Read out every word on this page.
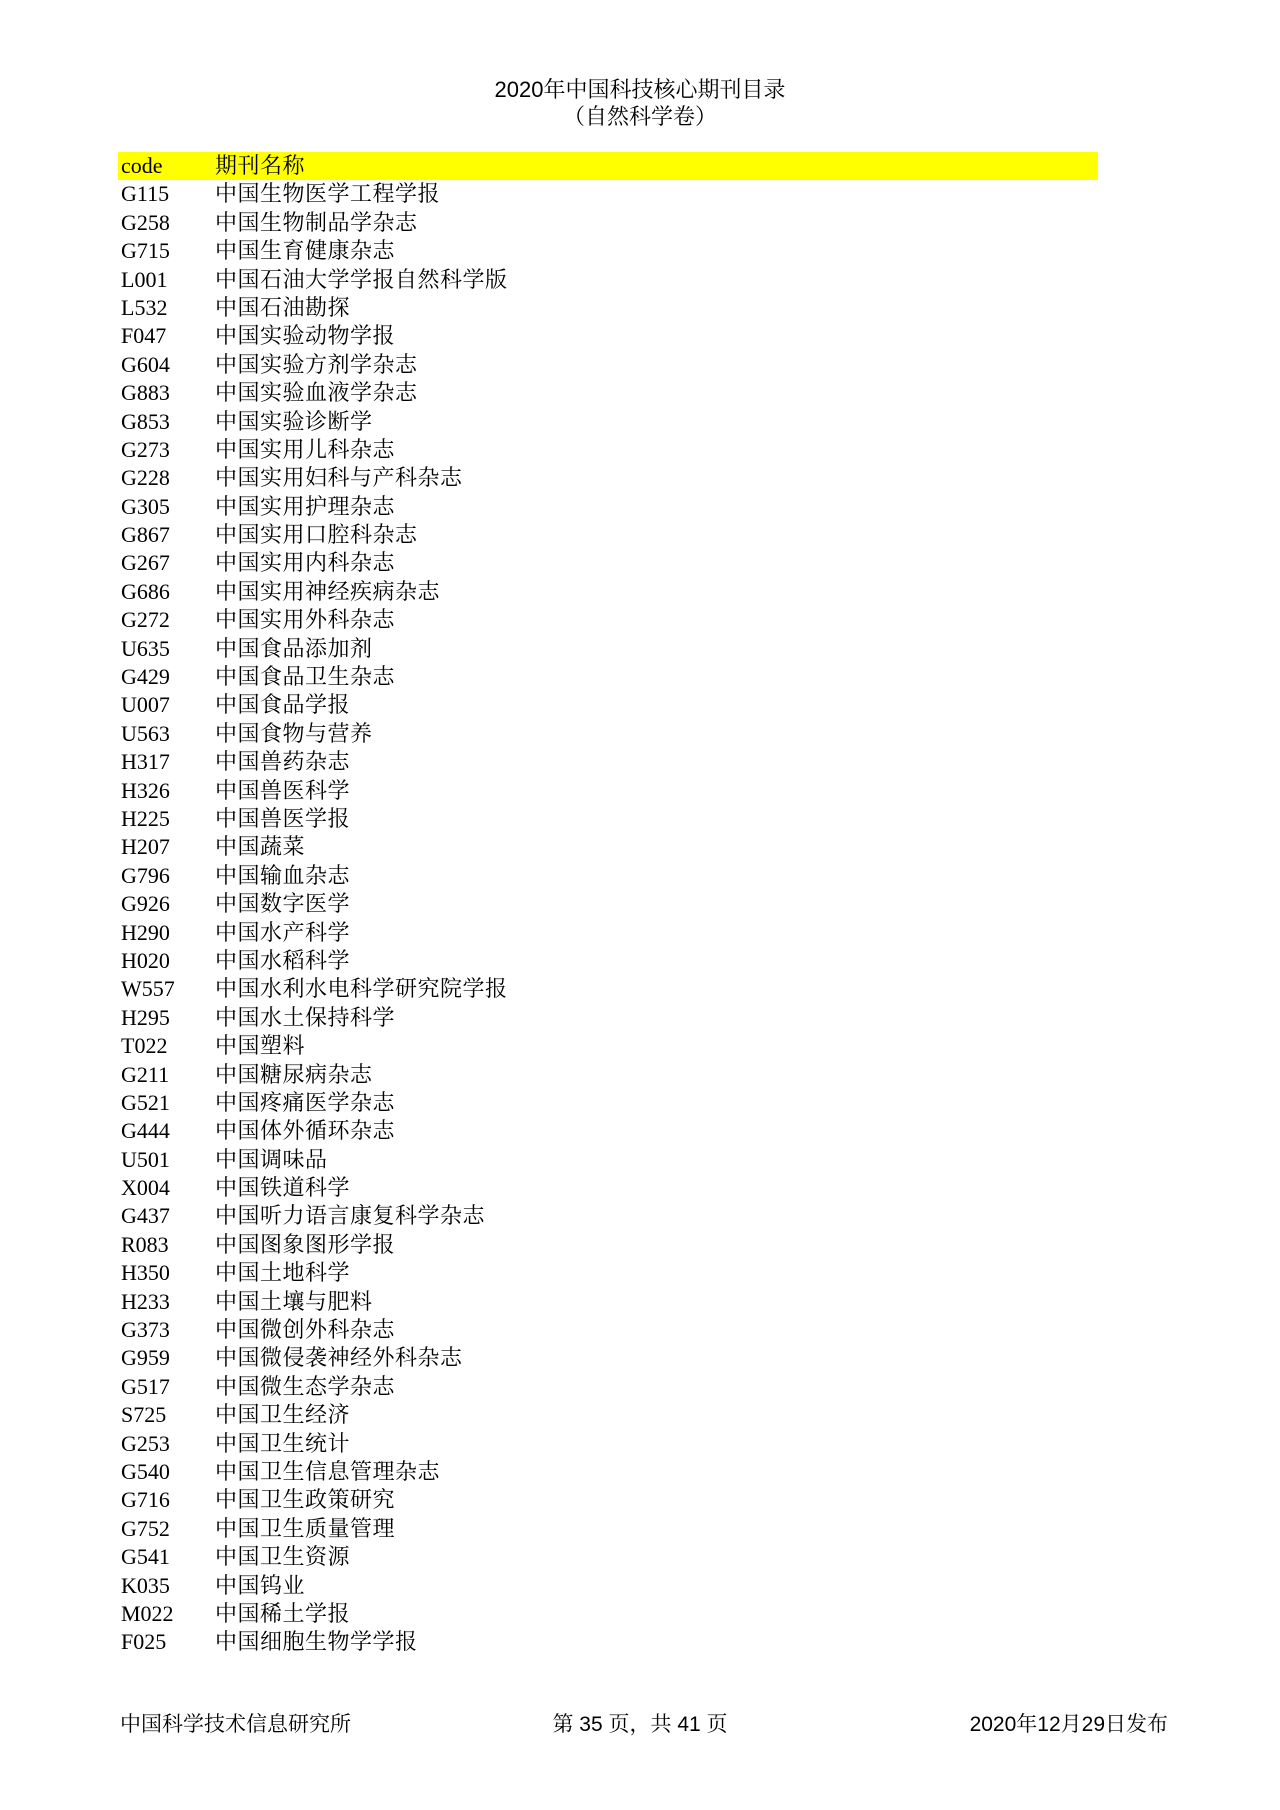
2020年中国科技核心期刊目录
（自然科学卷）
code	期刊名称
G115	中国生物医学工程学报
G258	中国生物制品学杂志
G715	中国生育健康杂志
L001	中国石油大学学报自然科学版
L532	中国石油勘探
F047	中国实验动物学报
G604	中国实验方剂学杂志
G883	中国实验血液学杂志
G853	中国实验诊断学
G273	中国实用儿科杂志
G228	中国实用妇科与产科杂志
G305	中国实用护理杂志
G867	中国实用口腔科杂志
G267	中国实用内科杂志
G686	中国实用神经疾病杂志
G272	中国实用外科杂志
U635	中国食品添加剂
G429	中国食品卫生杂志
U007	中国食品学报
U563	中国食物与营养
H317	中国兽药杂志
H326	中国兽医科学
H225	中国兽医学报
H207	中国蔬菜
G796	中国输血杂志
G926	中国数字医学
H290	中国水产科学
H020	中国水稻科学
W557	中国水利水电科学研究院学报
H295	中国水土保持科学
T022	中国塑料
G211	中国糖尿病杂志
G521	中国疼痛医学杂志
G444	中国体外循环杂志
U501	中国调味品
X004	中国铁道科学
G437	中国听力语言康复科学杂志
R083	中国图象图形学报
H350	中国土地科学
H233	中国土壤与肥料
G373	中国微创外科杂志
G959	中国微侵袭神经外科杂志
G517	中国微生态学杂志
S725	中国卫生经济
G253	中国卫生统计
G540	中国卫生信息管理杂志
G716	中国卫生政策研究
G752	中国卫生质量管理
G541	中国卫生资源
K035	中国钨业
M022	中国稀土学报
F025	中国细胞生物学学报
中国科学技术信息研究所	第 35 页，共 41 页	2020年12月29日发布
